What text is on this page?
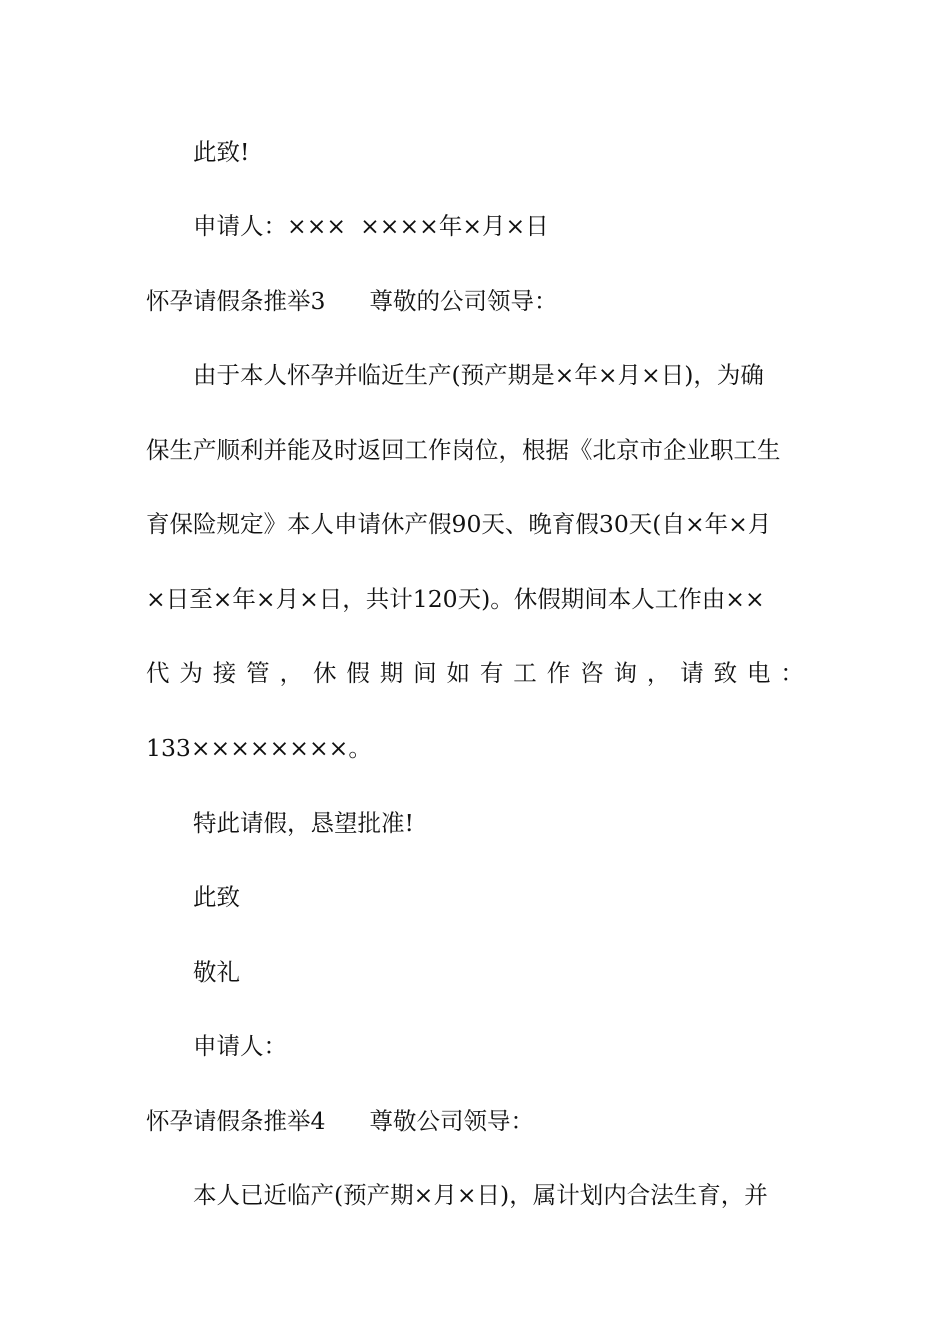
此致!
申请人：××× ××××年×月×日
怀孕请假条推举3 尊敬的公司领导：
由于本人怀孕并临近生产(预产期是×年×月×日)，为确
保生产顺利并能及时返回工作岗位，根据《北京市企业职工生
育保险规定》本人申请休产假90天、晚育假30天(自×年×月
×日至×年×月×日，共计120天)。休假期间本人工作由××
代 为 接 管 ， 休 假 期 间 如 有 工 作 咨 询 ， 请 致 电 ：
133××××××××。
特此请假，恳望批准!
此致
敬礼
申请人：
怀孕请假条推举4 尊敬公司领导：
本人已近临产(预产期×月×日)，属计划内合法生育，并
